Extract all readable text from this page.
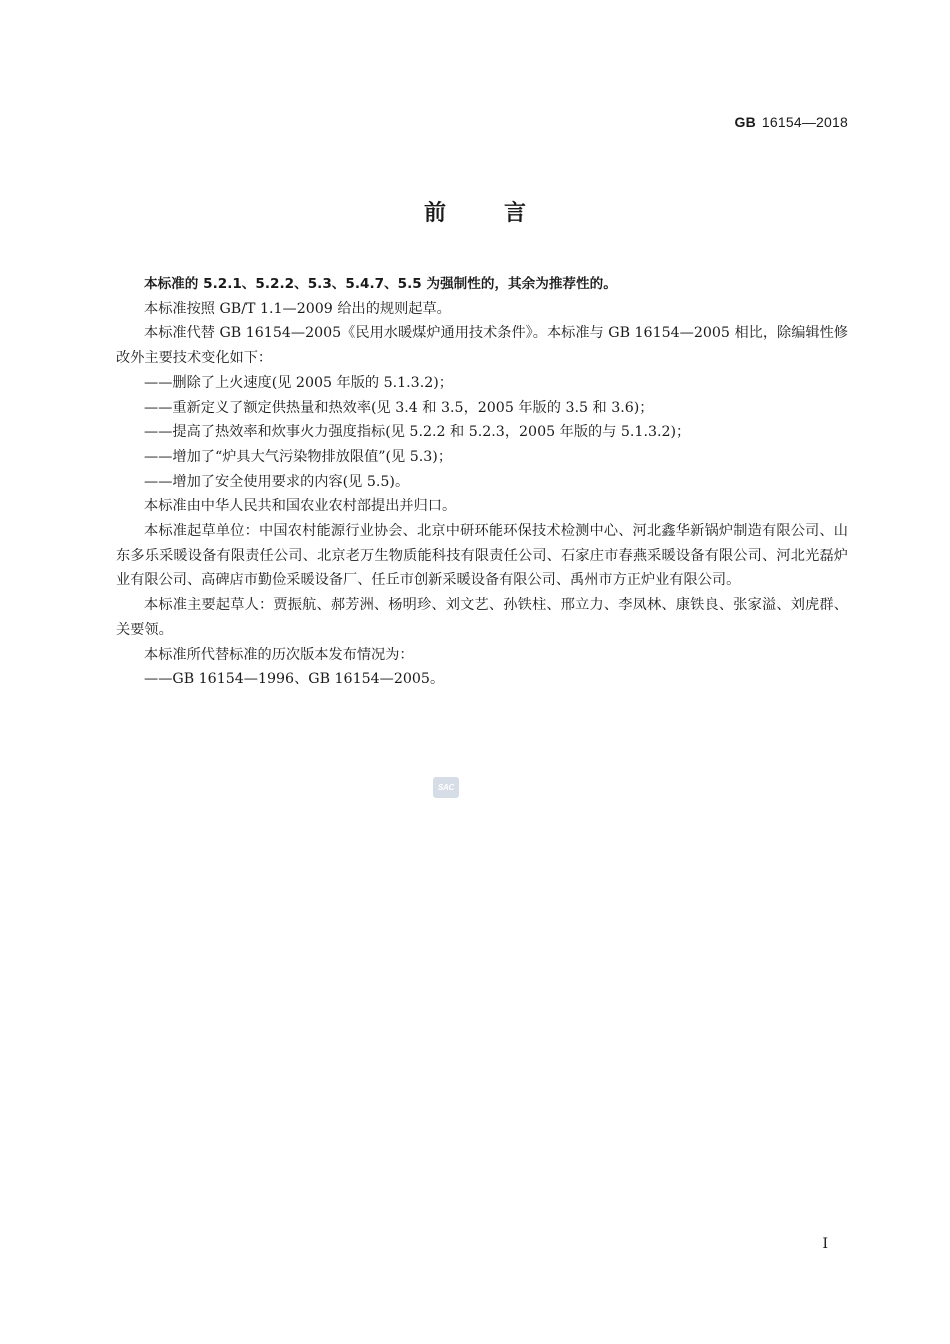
GB 16154—2018
前言

本标准的 5.2.1、5.2.2、5.3、5.4.7、5.5 为强制性的，其余为推荐性的。

本标准按照 GB/T 1.1—2009 给出的规则起草。

本标准代替 GB 16154—2005《民用水暖煤炉通用技术条件》。本标准与 GB 16154—2005 相比，除编辑性修改外主要技术变化如下：

——删除了上火速度(见 2005 年版的 5.1.3.2)；

——重新定义了额定供热量和热效率(见 3.4 和 3.5，2005 年版的 3.5 和 3.6)；

——提高了热效率和炊事火力强度指标(见 5.2.2 和 5.2.3，2005 年版的与 5.1.3.2)；

——增加了“炉具大气污染物排放限值”(见 5.3)；

——增加了安全使用要求的内容(见 5.5)。

本标准由中华人民共和国农业农村部提出并归口。

本标准起草单位：中国农村能源行业协会、北京中研环能环保技术检测中心、河北鑫华新锅炉制造有限公司、山东多乐采暖设备有限责任公司、北京老万生物质能科技有限责任公司、石家庄市春燕采暖设备有限公司、河北光磊炉业有限公司、高碑店市勤俭采暖设备厂、任丘市创新采暖设备有限公司、禹州市方正炉业有限公司。

本标准主要起草人：贾振航、郝芳洲、杨明珍、刘文艺、孙铁柱、邢立力、李凤林、康铁良、张家溢、刘虎群、关要领。

本标准所代替标准的历次版本发布情况为：

——GB 16154—1996、GB 16154—2005。

SAC
I
